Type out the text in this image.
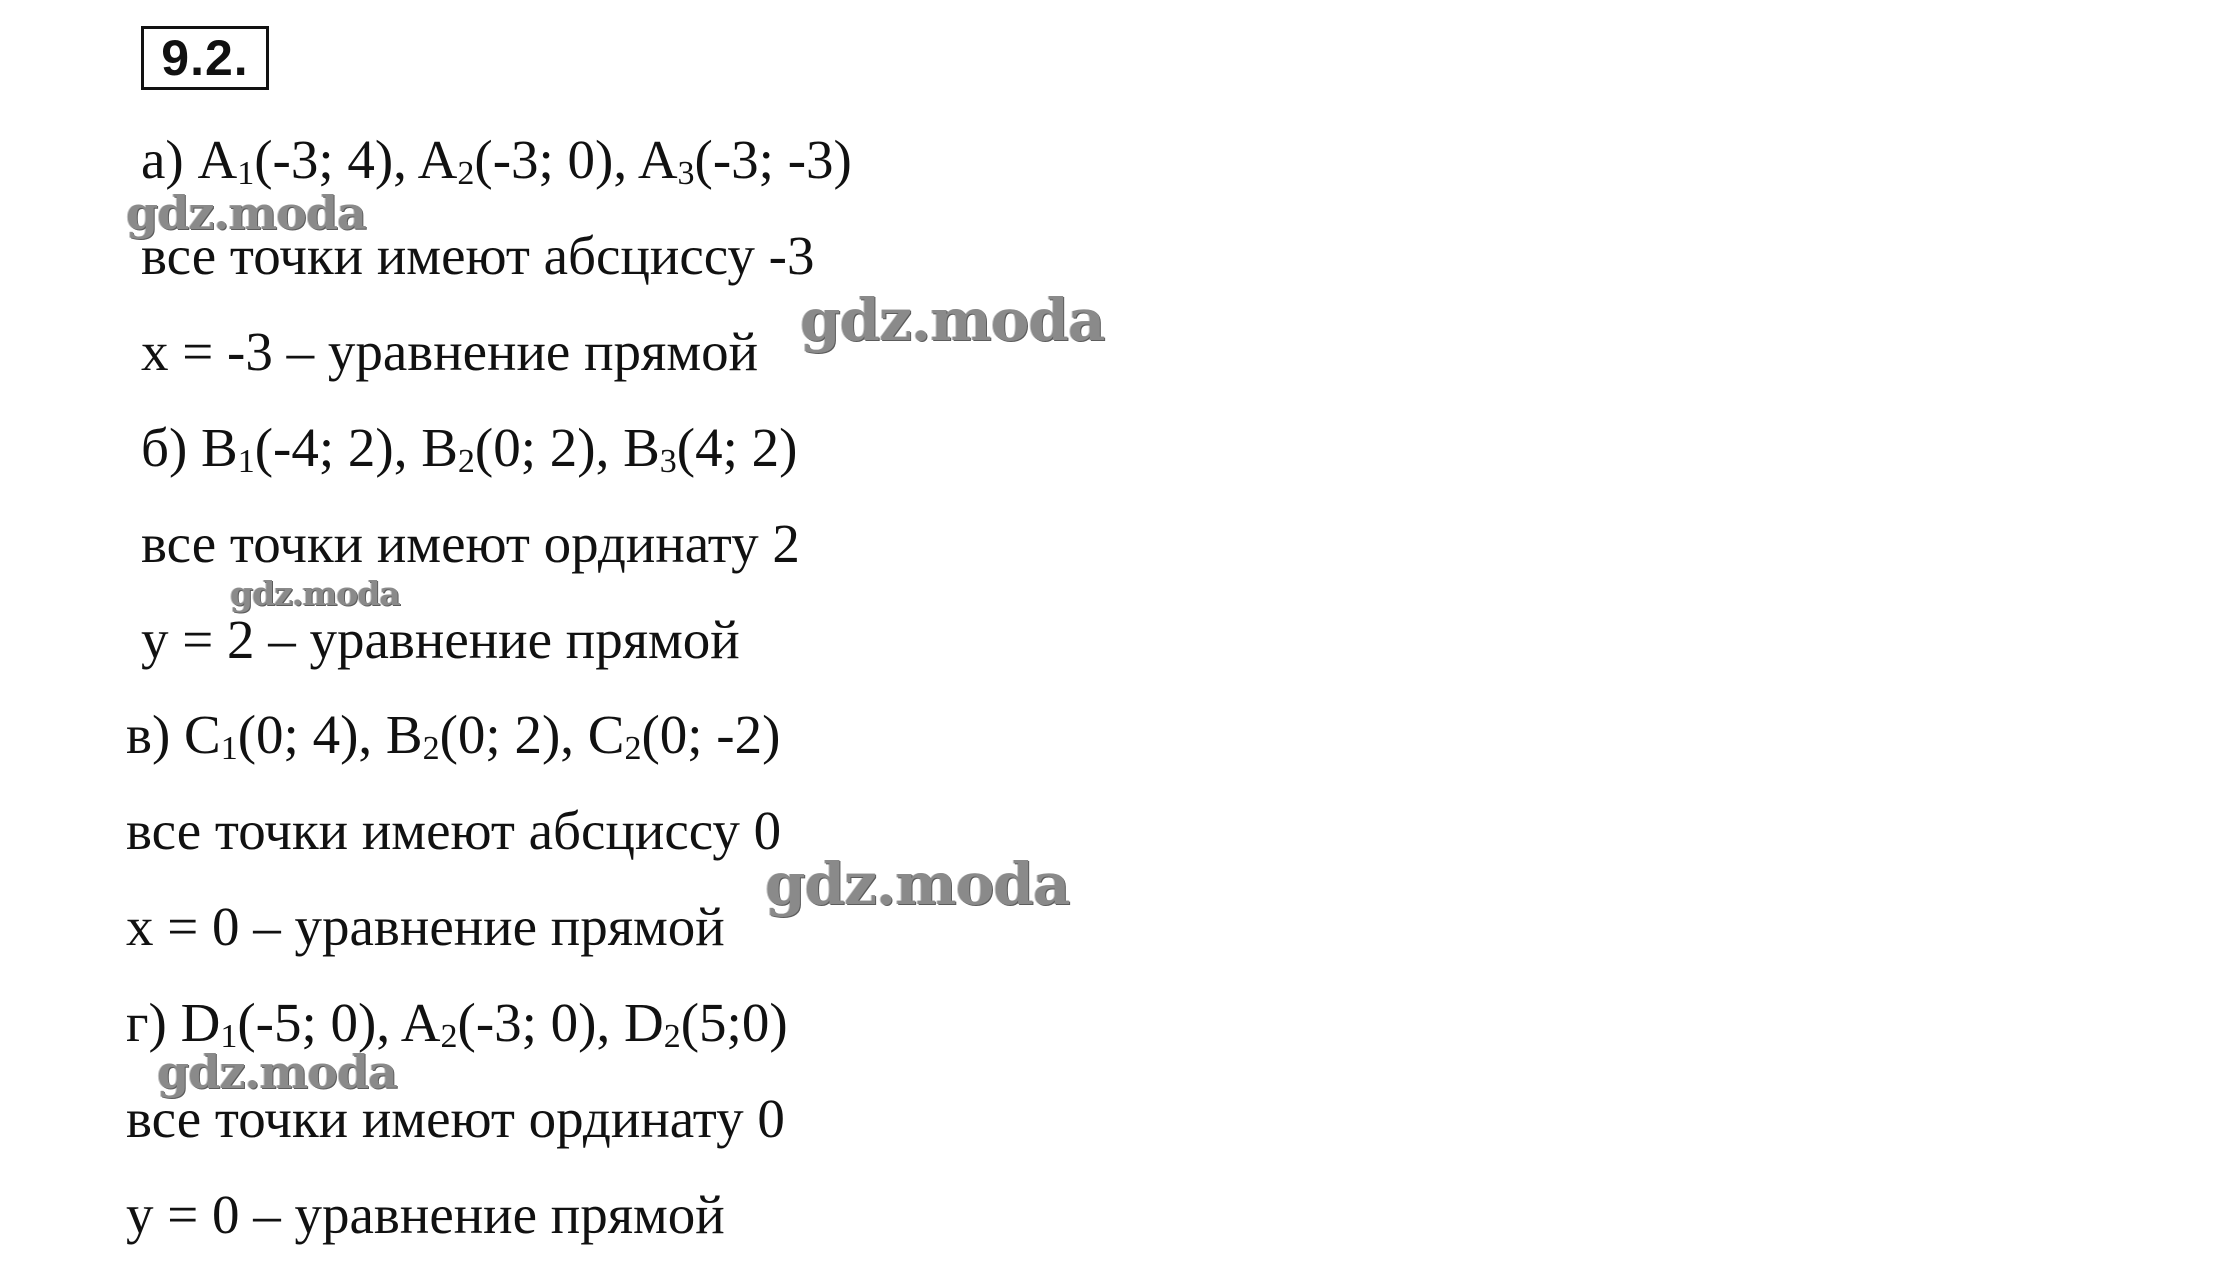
9.2.
а) $A_1(-3$; 4), $A_2(-3$; 0), $A_3(-3$; -3)
все точки имеют абсциссу -3
x = -3 – уравнение прямой
б) $B_1(-4$; 2), $B_2(0$; 2), $B_3(4$; 2)
все точки имеют ординату 2
y = 2 – уравнение прямой
в) $C_1(0$; 4), $B_2(0$; 2), $C_2(0$; -2)
все точки имеют абсциссу 0
x = 0 – уравнение прямой
г) $D_1(-5$; 0), $A_2(-3$; 0), $D_2(5;0)$
все точки имеют ординату 0
y = 0 – уравнение прямой
gdz.moda
gdz.moda
gdz.moda
gdz.moda
gdz.moda
